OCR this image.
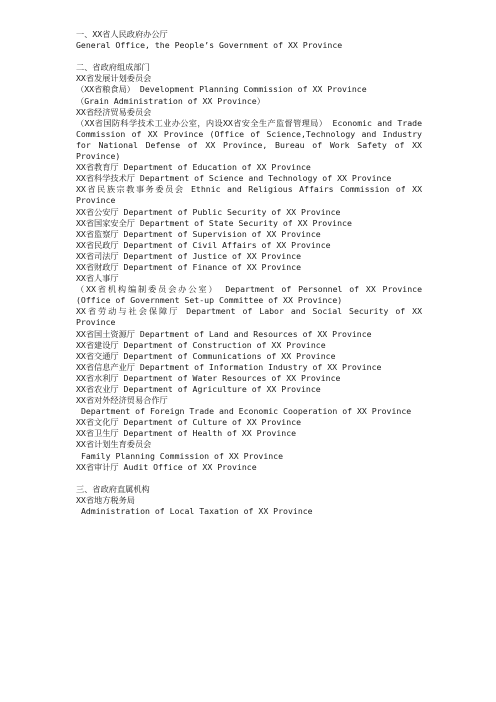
一、XX省人民政府办公厅
General Office, the People’s Government of XX Province
二、省政府组成部门
XX省发展计划委员会
（XX省粮食局） Development Planning Commission of XX Province
（Grain Administration of XX Province）
XX省经济贸易委员会
（XX省国防科学技术工业办公室，内设XX省安全生产监督管理局） Economic and Trade Commission of XX Province (Office of Science,Technology and Industry for National Defense of XX Province, Bureau of Work Safety of XX Province)
XX省教育厅 Department of Education of XX Province
XX省科学技术厅 Department of Science and Technology of XX Province
XX省民族宗教事务委员会 Ethnic and Religious Affairs Commission of XX Province
XX省公安厅 Department of Public Security of XX Province
XX省国家安全厅 Department of State Security of XX Province
XX省监察厅 Department of Supervision of XX Province
XX省民政厅 Department of Civil Affairs of XX Province
XX省司法厅 Department of Justice of XX Province
XX省财政厅 Department of Finance of XX Province
XX省人事厅
（XX省机构编制委员会办公室） Department of Personnel of XX Province (Office of Government Set-up Committee of XX Province)
XX省劳动与社会保障厅 Department of Labor and Social Security of XX Province
XX省国土资源厅 Department of Land and Resources of XX Province
XX省建设厅 Department of Construction of XX Province
XX省交通厅 Department of Communications of XX Province
XX省信息产业厅 Department of Information Industry of XX Province
XX省水利厅 Department of Water Resources of XX Province
XX省农业厅 Department of Agriculture of XX Province
XX省对外经济贸易合作厅
Department of Foreign Trade and Economic Cooperation of XX Province
XX省文化厅 Department of Culture of XX Province
XX省卫生厅 Department of Health of XX Province
XX省计划生育委员会
Family Planning Commission of XX Province
XX省审计厅 Audit Office of XX Province
三、省政府直属机构
XX省地方税务局
Administration of Local Taxation of XX Province
